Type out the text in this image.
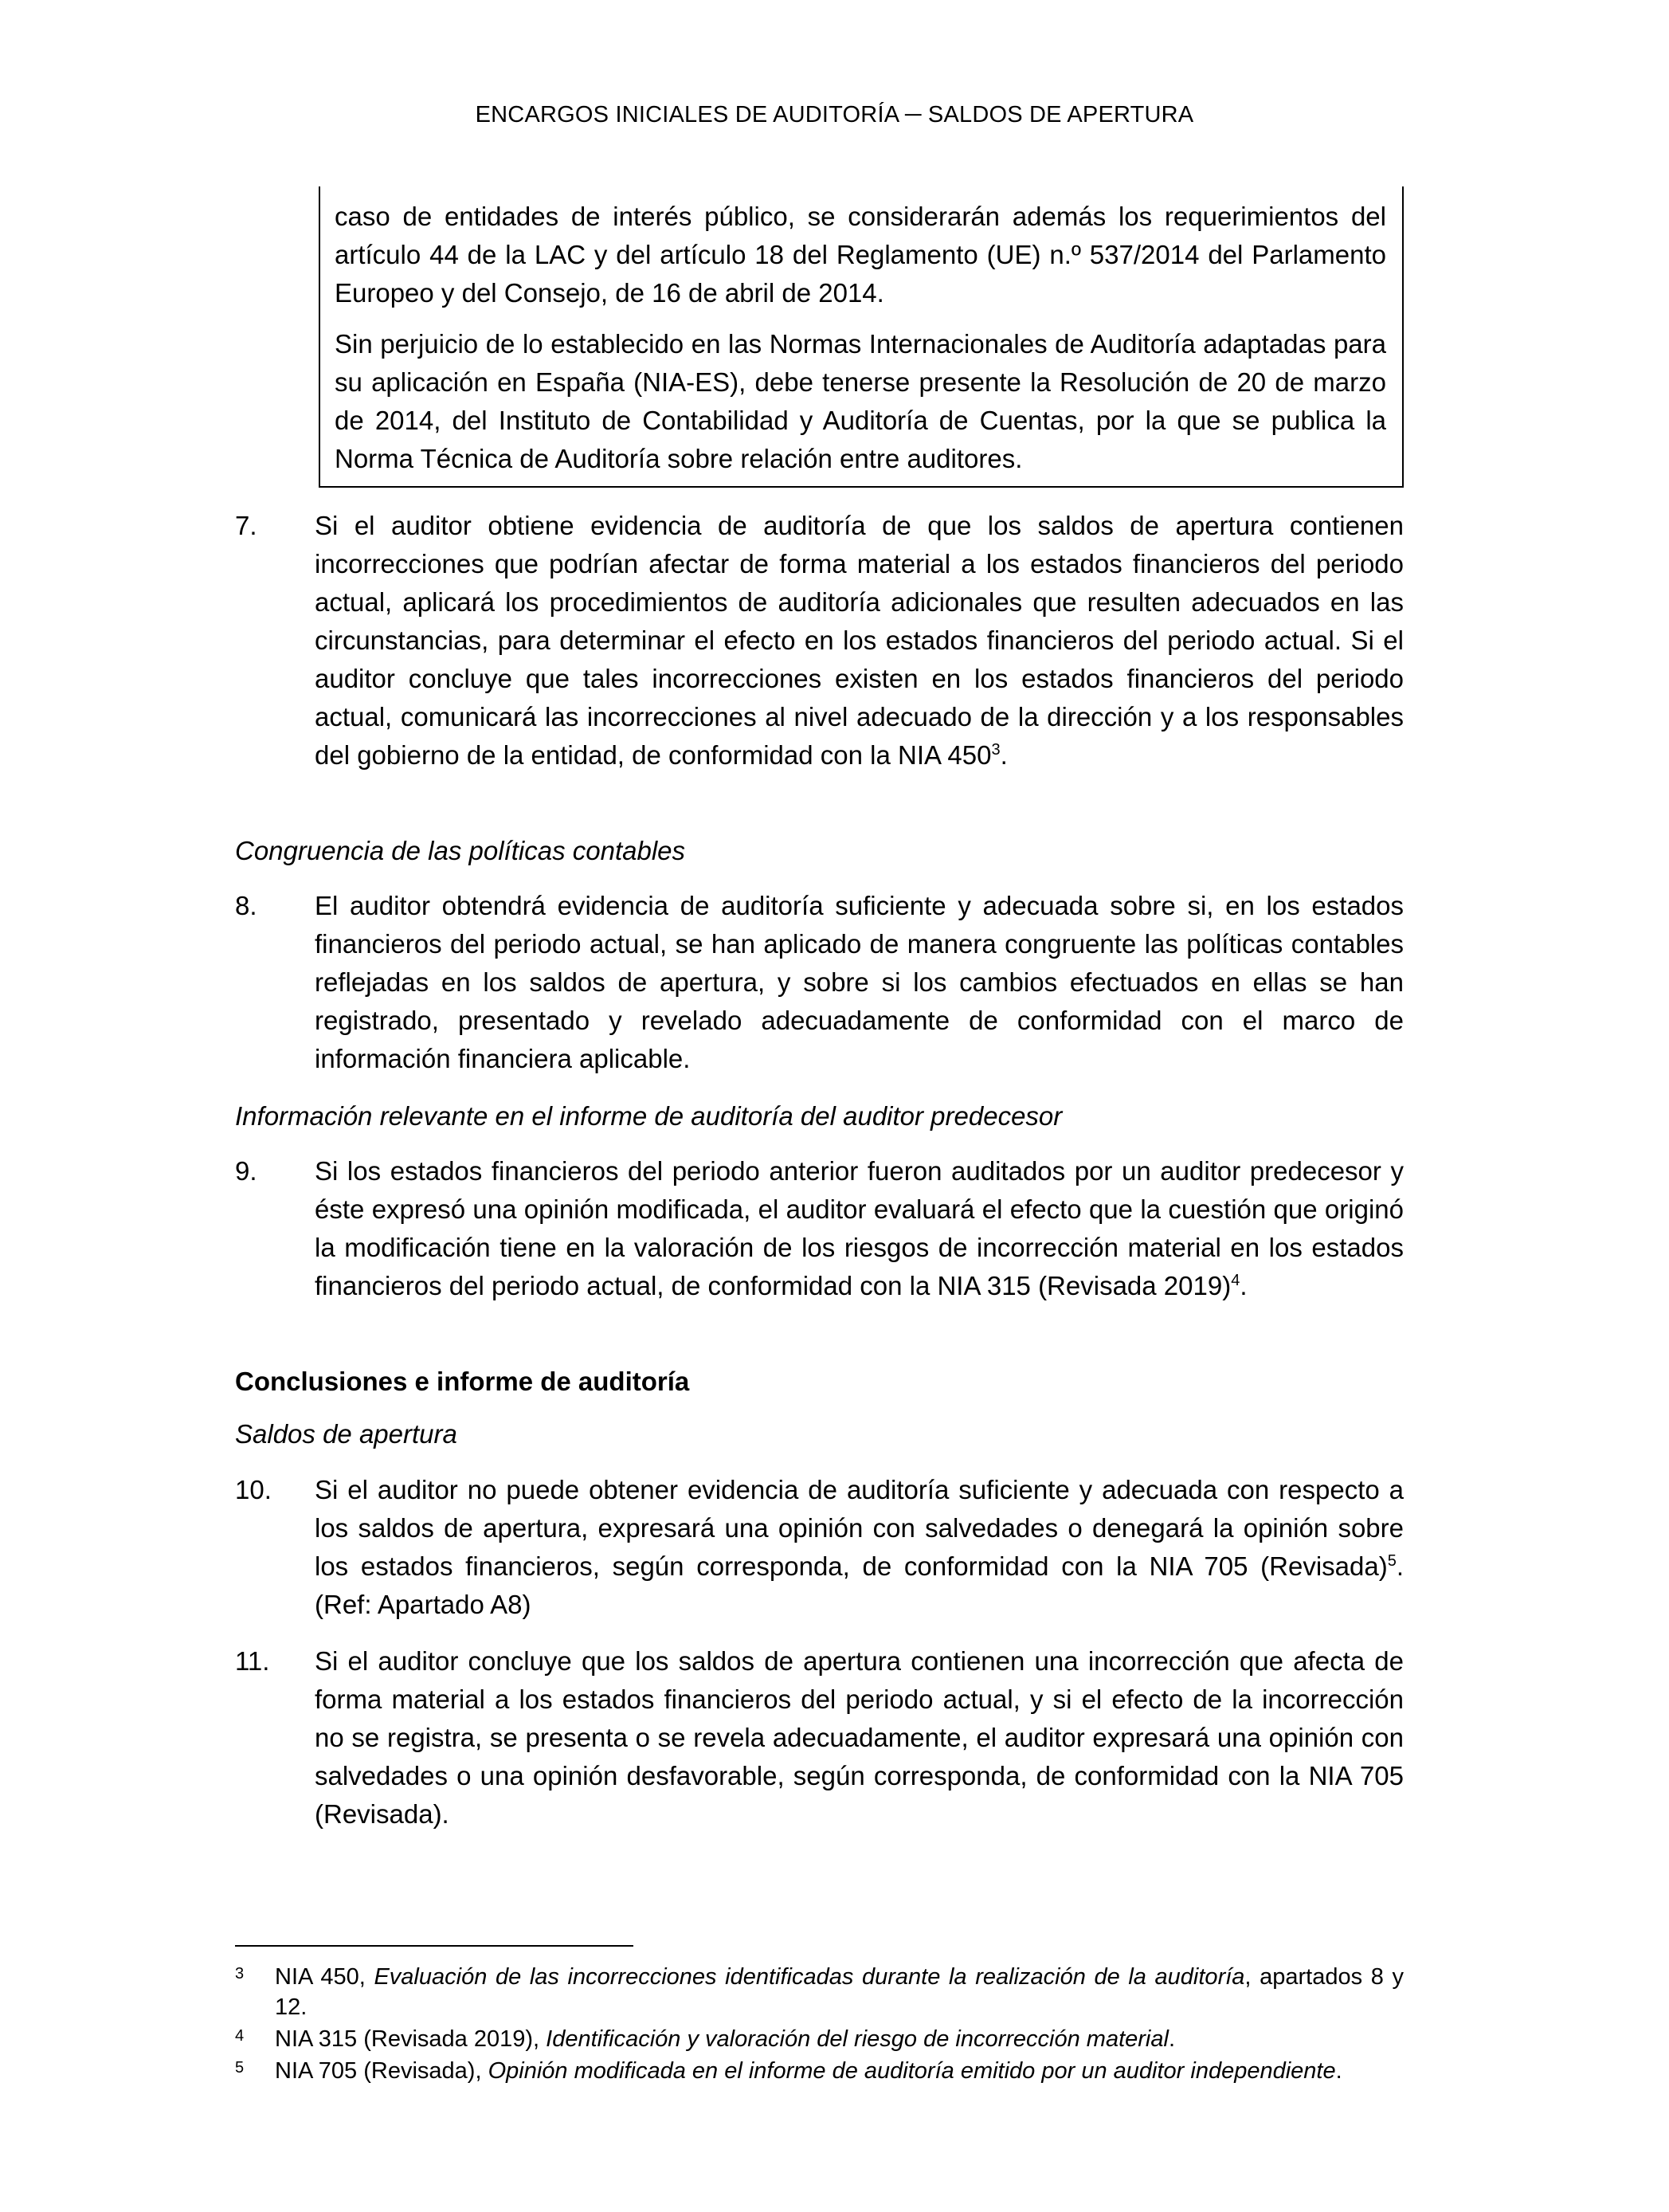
ENCARGOS INICIALES DE AUDITORÍA ─ SALDOS DE APERTURA

caso de entidades de interés público, se considerarán además los requerimientos del artículo 44 de la LAC y del artículo 18 del Reglamento (UE) n.º 537/2014 del Parlamento Europeo y del Consejo, de 16 de abril de 2014.

Sin perjuicio de lo establecido en las Normas Internacionales de Auditoría adaptadas para su aplicación en España (NIA-ES), debe tenerse presente la Resolución de 20 de marzo de 2014, del Instituto de Contabilidad y Auditoría de Cuentas, por la que se publica la Norma Técnica de Auditoría sobre relación entre auditores.

7.	Si el auditor obtiene evidencia de auditoría de que los saldos de apertura contienen incorrecciones que podrían afectar de forma material a los estados financieros del periodo actual, aplicará los procedimientos de auditoría adicionales que resulten adecuados en las circunstancias, para determinar el efecto en los estados financieros del periodo actual. Si el auditor concluye que tales incorrecciones existen en los estados financieros del periodo actual, comunicará las incorrecciones al nivel adecuado de la dirección y a los responsables del gobierno de la entidad, de conformidad con la NIA $450^3$.
Congruencia de las políticas contables
8.	El auditor obtendrá evidencia de auditoría suficiente y adecuada sobre si, en los estados financieros del periodo actual, se han aplicado de manera congruente las políticas contables reflejadas en los saldos de apertura, y sobre si los cambios efectuados en ellas se han registrado, presentado y revelado adecuadamente de conformidad con el marco de información financiera aplicable.
Información relevante en el informe de auditoría del auditor predecesor
9.	Si los estados financieros del periodo anterior fueron auditados por un auditor predecesor y éste expresó una opinión modificada, el auditor evaluará el efecto que la cuestión que originó la modificación tiene en la valoración de los riesgos de incorrección material en los estados financieros del periodo actual, de conformidad con la NIA 315 (Revisada 2019)$^4$.
Conclusiones e informe de auditoría
Saldos de apertura
10.	Si el auditor no puede obtener evidencia de auditoría suficiente y adecuada con respecto a los saldos de apertura, expresará una opinión con salvedades o denegará la opinión sobre los estados financieros, según corresponda, de conformidad con la NIA 705 (Revisada)$^5$. (Ref: Apartado A8)
11.	Si el auditor concluye que los saldos de apertura contienen una incorrección que afecta de forma material a los estados financieros del periodo actual, y si el efecto de la incorrección no se registra, se presenta o se revela adecuadamente, el auditor expresará una opinión con salvedades o una opinión desfavorable, según corresponda, de conformidad con la NIA 705 (Revisada).
3 NIA 450, Evaluación de las incorrecciones identificadas durante la realización de la auditoría, apartados 8 y 12.
4 NIA 315 (Revisada 2019), Identificación y valoración del riesgo de incorrección material.
5 NIA 705 (Revisada), Opinión modificada en el informe de auditoría emitido por un auditor independiente.
